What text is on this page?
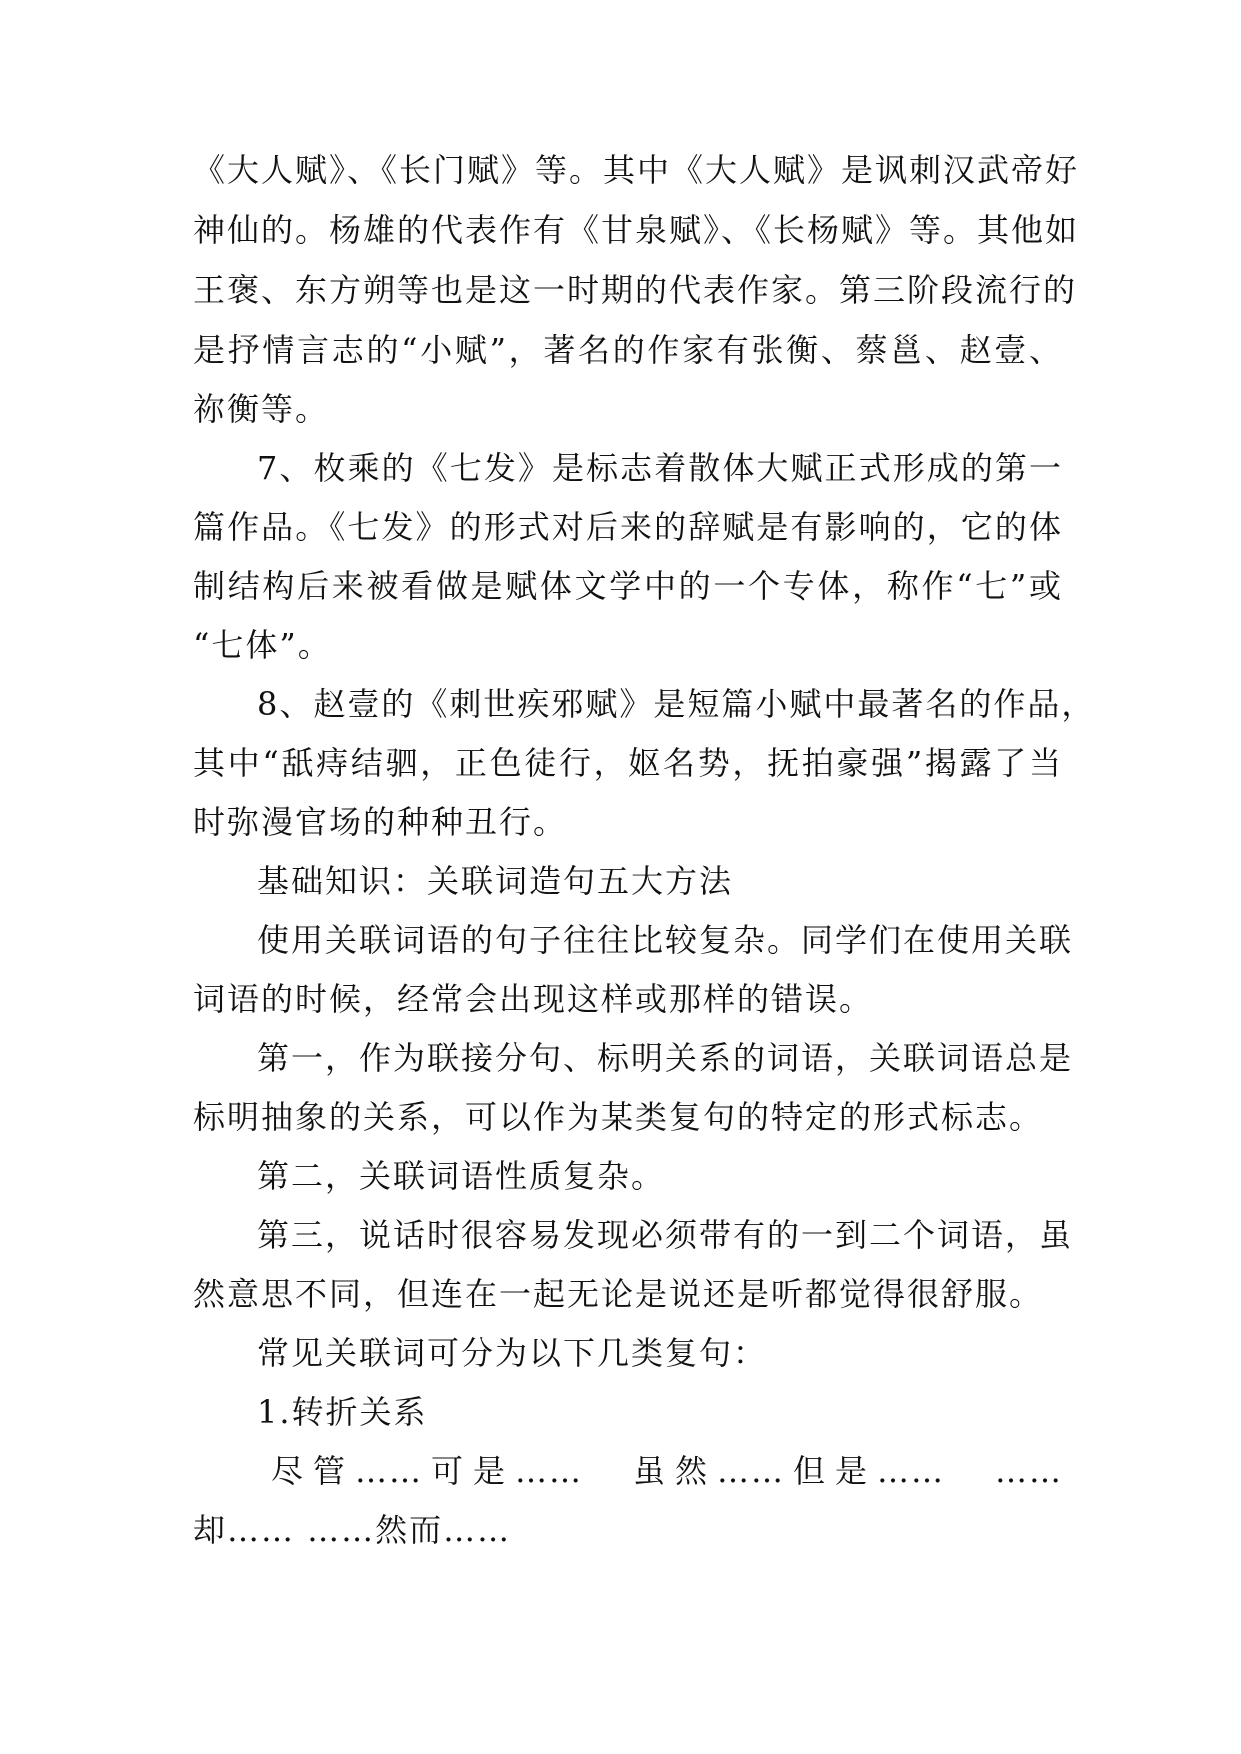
《大人赋》、《长门赋》等。其中《大人赋》是讽刺汉武帝好
神仙的。杨雄的代表作有《甘泉赋》、《长杨赋》等。其他如
王褒、东方朔等也是这一时期的代表作家。第三阶段流行的
是抒情言志的“小赋”，著名的作家有张衡、蔡邕、赵壹、
祢衡等。
7、枚乘的《七发》是标志着散体大赋正式形成的第一
篇作品。《七发》的形式对后来的辞赋是有影响的，它的体
制结构后来被看做是赋体文学中的一个专体，称作“七”或
“七体”。
8、赵壹的《刺世疾邪赋》是短篇小赋中最著名的作品，
其中“舐痔结驷，正色徒行，妪名势，抚拍豪强”揭露了当
时弥漫官场的种种丑行。
基础知识：关联词造句五大方法
使用关联词语的句子往往比较复杂。同学们在使用关联
词语的时候，经常会出现这样或那样的错误。
第一，作为联接分句、标明关系的词语，关联词语总是
标明抽象的关系，可以作为某类复句的特定的形式标志。
第二，关联词语性质复杂。
第三，说话时很容易发现必须带有的一到二个词语，虽
然意思不同，但连在一起无论是说还是听都觉得很舒服。
常见关联词可分为以下几类复句：
1.转折关系
尽管……可是……　虽然……但是……　……
却…… ……然而……
